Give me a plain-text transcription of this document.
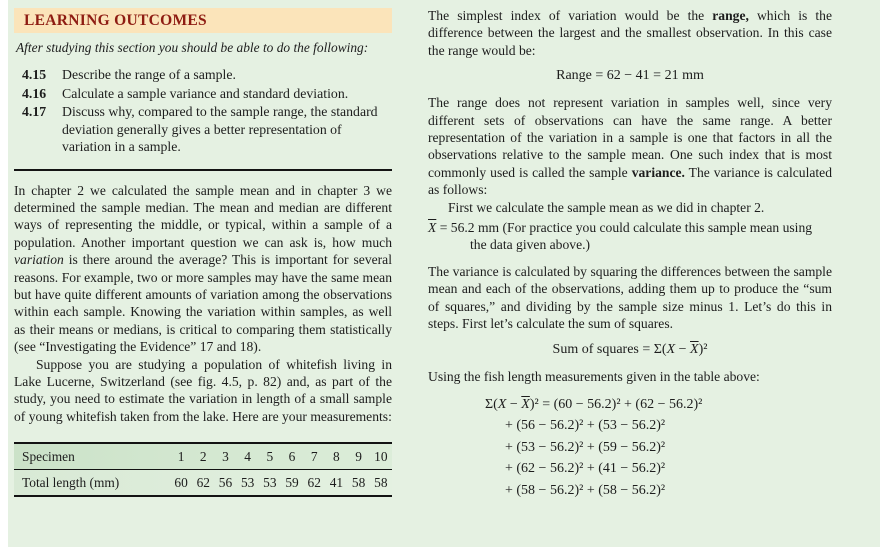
LEARNING OUTCOMES
After studying this section you should be able to do the following:
4.15 Describe the range of a sample.
4.16 Calculate a sample variance and standard deviation.
4.17 Discuss why, compared to the sample range, the standard deviation generally gives a better representation of variation in a sample.

In chapter 2 we calculated the sample mean and in chapter 3 we determined the sample median. The mean and median are different ways of representing the middle, or typical, within a sample of a population. Another important question we can ask is, how much variation is there around the average? This is important for several reasons. For example, two or more samples may have the same mean but have quite different amounts of variation among the observations within each sample. Knowing the variation within samples, as well as their means or medians, is critical to comparing them statistically (see “Investigating the Evidence” 17 and 18).

Suppose you are studying a population of whitefish living in Lake Lucerne, Switzerland (see fig. 4.5, p. 82) and, as part of the study, you need to estimate the variation in length of a small sample of young whitefish taken from the lake. Here are your measurements:

Specimen	1	2	3	4	5	6	7	8	9	10
Total length (mm)	60	62	56	53	53	59	62	41	58	58

The simplest index of variation would be the range, which is the difference between the largest and the smallest observation. In this case the range would be:

Range = 62 − 41 = 21 mm

The range does not represent variation in samples well, since very different sets of observations can have the same range. A better representation of the variation in a sample is one that factors in all the observations relative to the sample mean. One such index that is most commonly used is called the sample variance. The variance is calculated as follows:

First we calculate the sample mean as we did in chapter 2.
$\overline{X} = 56.2$ mm (For practice you could calculate this sample mean using the data given above.)

The variance is calculated by squaring the differences between the sample mean and each of the observations, adding them up to produce the “sum of squares,” and dividing by the sample size minus 1. Let’s do this in steps. First let’s calculate the sum of squares.

Sum of squares = $\Sigma(X - \overline{X})^2$

Using the fish length measurements given in the table above:

$\Sigma(X - \overline{X})^2 = (60 - 56.2)^2 + (62 - 56.2)^2$
+ (56 − 56.2)² + (53 − 56.2)²
+ (53 − 56.2)² + (59 − 56.2)²
+ (62 − 56.2)² + (41 − 56.2)²
+ (58 − 56.2)² + (58 − 56.2)²
